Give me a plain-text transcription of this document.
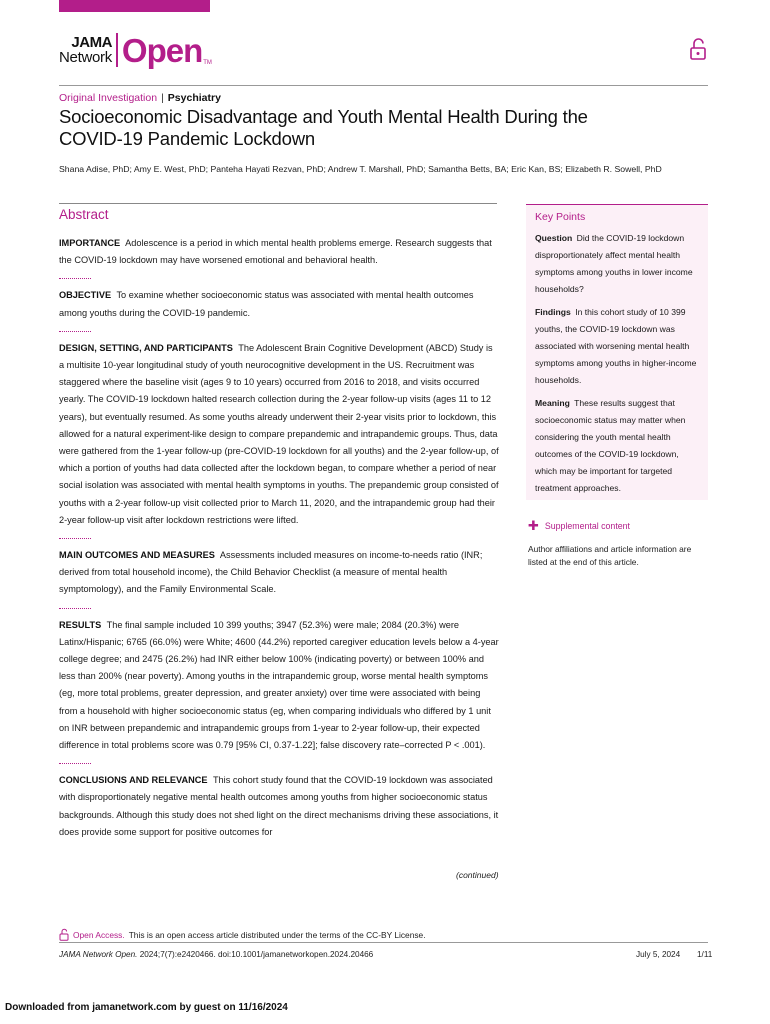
JAMA
Network Open TM
Original Investigation | Psychiatry
Socioeconomic Disadvantage and Youth Mental Health During the COVID-19 Pandemic Lockdown
Shana Adise, PhD; Amy E. West, PhD; Panteha Hayati Rezvan, PhD; Andrew T. Marshall, PhD; Samantha Betts, BA; Eric Kan, BS; Elizabeth R. Sowell, PhD
Abstract

IMPORTANCE Adolescence is a period in which mental health problems emerge. Research suggests that the COVID-19 lockdown may have worsened emotional and behavioral health.

OBJECTIVE To examine whether socioeconomic status was associated with mental health outcomes among youths during the COVID-19 pandemic.

DESIGN, SETTING, AND PARTICIPANTS The Adolescent Brain Cognitive Development (ABCD) Study is a multisite 10-year longitudinal study of youth neurocognitive development in the US. Recruitment was staggered where the baseline visit (ages 9 to 10 years) occurred from 2016 to 2018, and visits occurred yearly. The COVID-19 lockdown halted research collection during the 2-year follow-up visits (ages 11 to 12 years), but eventually resumed. As some youths already underwent their 2-year visits prior to lockdown, this allowed for a natural experiment-like design to compare prepandemic and intrapandemic groups. Thus, data were gathered from the 1-year follow-up (pre-COVID-19 lockdown for all youths) and the 2-year follow-up, of which a portion of youths had data collected after the lockdown began, to compare whether a period of near social isolation was associated with mental health symptoms in youths. The prepandemic group consisted of youths with a 2-year follow-up visit collected prior to March 11, 2020, and the intrapandemic group had their 2-year follow-up visit after lockdown restrictions were lifted.

MAIN OUTCOMES AND MEASURES Assessments included measures on income-to-needs ratio (INR; derived from total household income), the Child Behavior Checklist (a measure of mental health symptomology), and the Family Environmental Scale.

RESULTS The final sample included 10 399 youths; 3947 (52.3%) were male; 2084 (20.3%) were Latinx/Hispanic; 6765 (66.0%) were White; 4600 (44.2%) reported caregiver education levels below a 4-year college degree; and 2475 (26.2%) had INR either below 100% (indicating poverty) or between 100% and less than 200% (near poverty). Among youths in the intrapandemic group, worse mental health symptoms (eg, more total problems, greater depression, and greater anxiety) over time were associated with being from a household with higher socioeconomic status (eg, when comparing individuals who differed by 1 unit on INR between prepandemic and intrapandemic groups from 1-year to 2-year follow-up, their expected difference in total problems score was 0.79 [95% CI, 0.37-1.22]; false discovery rate–corrected P < .001).

CONCLUSIONS AND RELEVANCE This cohort study found that the COVID-19 lockdown was associated with disproportionately negative mental health outcomes among youths from higher socioeconomic status backgrounds. Although this study does not shed light on the direct mechanisms driving these associations, it does provide some support for positive outcomes for

(continued)
Key Points

Question Did the COVID-19 lockdown disproportionately affect mental health symptoms among youths in lower income households?

Findings In this cohort study of 10 399 youths, the COVID-19 lockdown was associated with worsening mental health symptoms among youths in higher-income households.

Meaning These results suggest that socioeconomic status may matter when considering the youth mental health outcomes of the COVID-19 lockdown, which may be important for targeted treatment approaches.

✚ Supplemental content
Author affiliations and article information are listed at the end of this article.
Open Access. This is an open access article distributed under the terms of the CC-BY License.
JAMA Network Open. 2024;7(7):e2420466. doi:10.1001/jamanetworkopen.2024.20466	July 5, 2024 1/11
Downloaded from jamanetwork.com by guest on 11/16/2024
